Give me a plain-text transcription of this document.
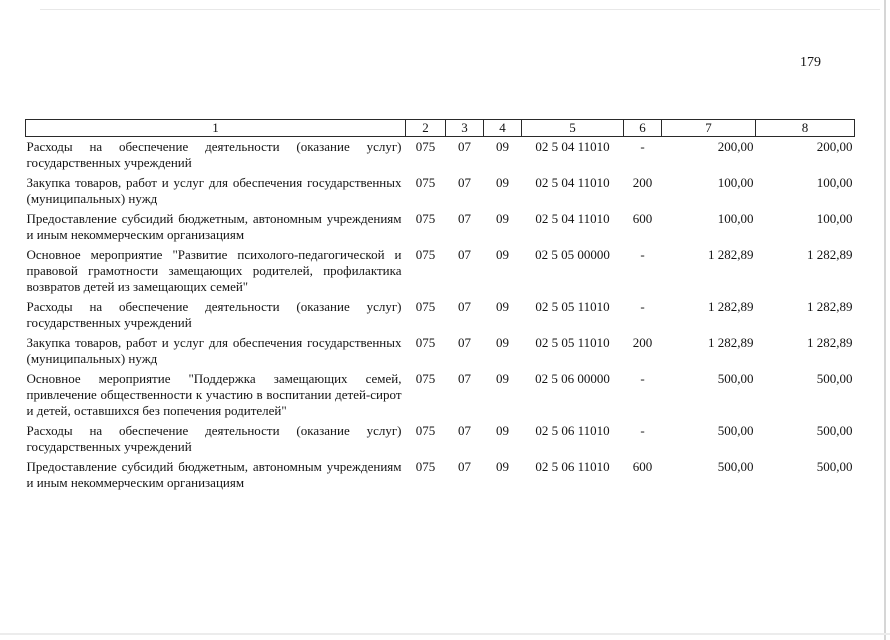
179
1	2	3	4	5	6	7	8
Расходы на обеспечение деятельности (оказание услуг) государственных учреждений	075	07	09	02 5 04 11010	-	200,00	200,00
Закупка товаров, работ и услуг для обеспечения государственных (муниципальных) нужд	075	07	09	02 5 04 11010	200	100,00	100,00
Предоставление субсидий бюджетным, автономным учреждениям и иным некоммерческим организациям	075	07	09	02 5 04 11010	600	100,00	100,00
Основное мероприятие "Развитие психолого-педагогической и правовой грамотности замещающих родителей, профилактика возвратов детей из замещающих семей"	075	07	09	02 5 05 00000	-	1 282,89	1 282,89
Расходы на обеспечение деятельности (оказание услуг) государственных учреждений	075	07	09	02 5 05 11010	-	1 282,89	1 282,89
Закупка товаров, работ и услуг для обеспечения государственных (муниципальных) нужд	075	07	09	02 5 05 11010	200	1 282,89	1 282,89
Основное мероприятие "Поддержка замещающих семей, привлечение общественности к участию в воспитании детей-сирот и детей, оставшихся без попечения родителей"	075	07	09	02 5 06 00000	-	500,00	500,00
Расходы на обеспечение деятельности (оказание услуг) государственных учреждений	075	07	09	02 5 06 11010	-	500,00	500,00
Предоставление субсидий бюджетным, автономным учреждениям и иным некоммерческим организациям	075	07	09	02 5 06 11010	600	500,00	500,00
